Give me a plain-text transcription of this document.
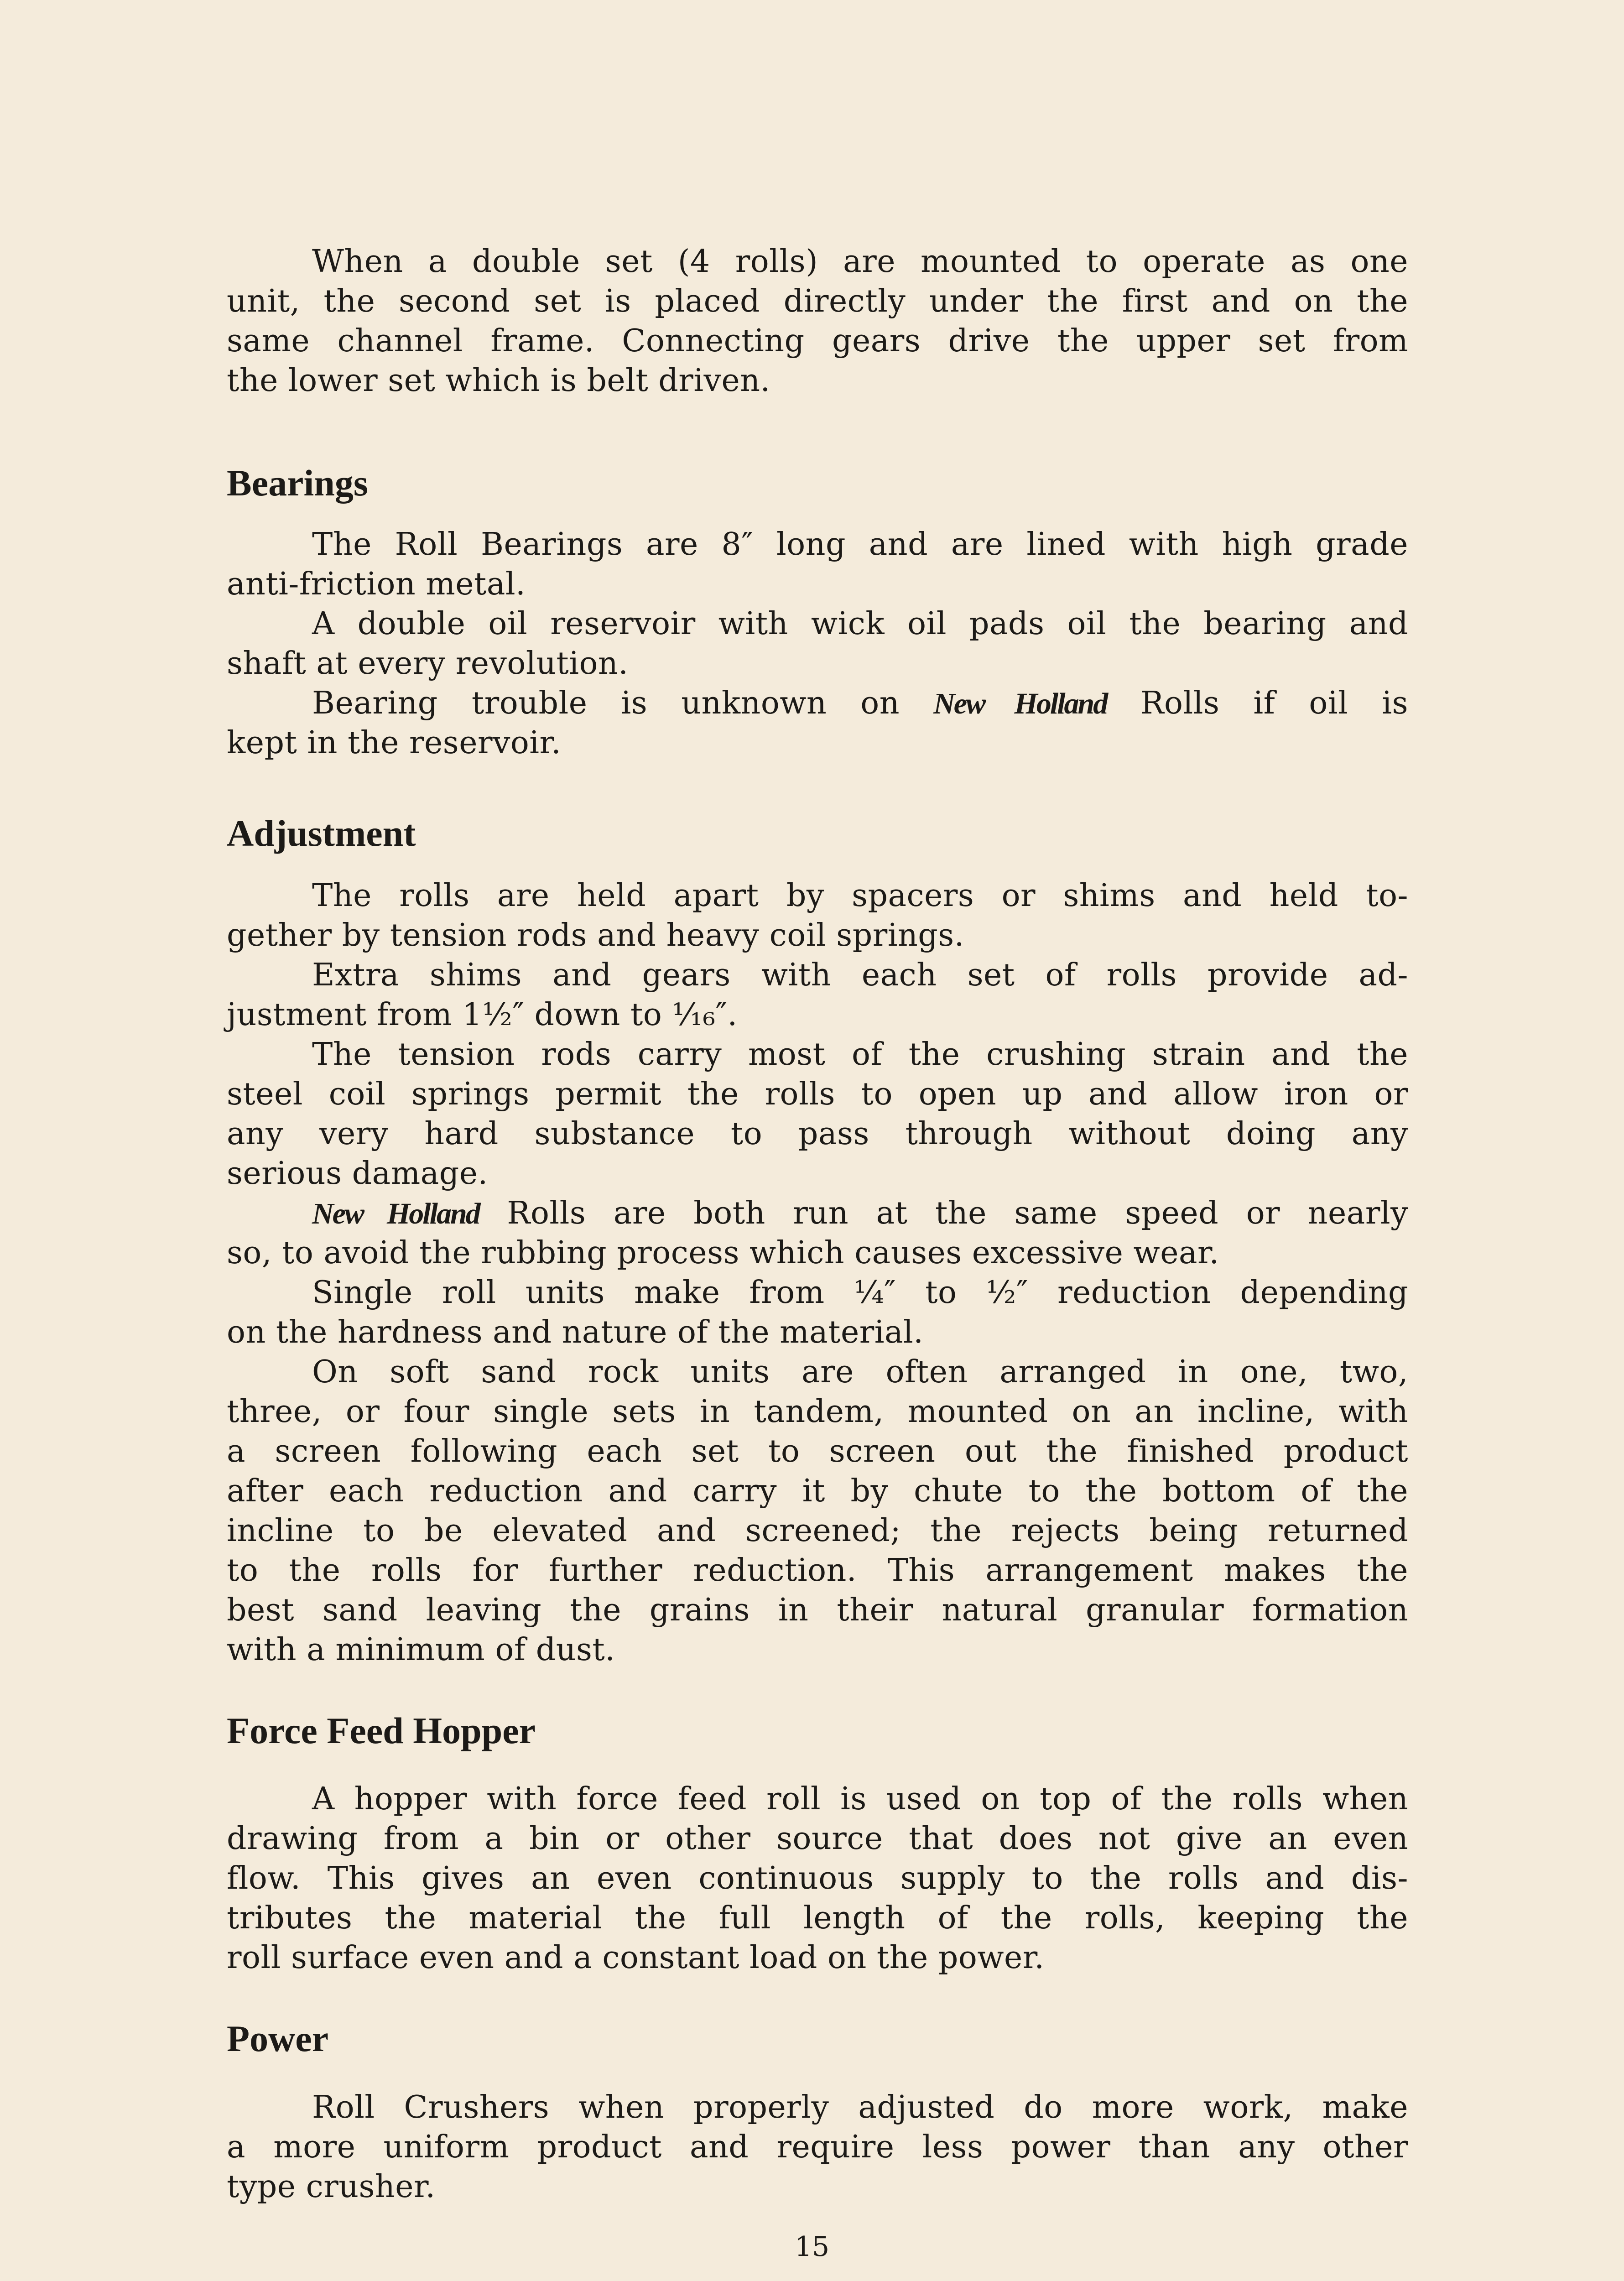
When a double set (4 rolls) are mounted to operate as one
unit, the second set is placed directly under the first and on the
same channel frame. Connecting gears drive the upper set from
the lower set which is belt driven.
Bearings
The Roll Bearings are 8″ long and are lined with high grade
anti-friction metal.
A double oil reservoir with wick oil pads oil the bearing and
shaft at every revolution.
Bearing trouble is unknown on New Holland Rolls if oil is
kept in the reservoir.
Adjustment
The rolls are held apart by spacers or shims and held to-
gether by tension rods and heavy coil springs.
Extra shims and gears with each set of rolls provide ad-
justment from 1½″ down to ¹⁄₁₆″.
The tension rods carry most of the crushing strain and the
steel coil springs permit the rolls to open up and allow iron or
any very hard substance to pass through without doing any
serious damage.
New Holland Rolls are both run at the same speed or nearly
so, to avoid the rubbing process which causes excessive wear.
Single roll units make from ¼″ to ½″ reduction depending
on the hardness and nature of the material.
On soft sand rock units are often arranged in one, two,
three, or four single sets in tandem, mounted on an incline, with
a screen following each set to screen out the finished product
after each reduction and carry it by chute to the bottom of the
incline to be elevated and screened; the rejects being returned
to the rolls for further reduction. This arrangement makes the
best sand leaving the grains in their natural granular formation
with a minimum of dust.
Force Feed Hopper
A hopper with force feed roll is used on top of the rolls when
drawing from a bin or other source that does not give an even
flow. This gives an even continuous supply to the rolls and dis-
tributes the material the full length of the rolls, keeping the
roll surface even and a constant load on the power.
Power
Roll Crushers when properly adjusted do more work, make
a more uniform product and require less power than any other
type crusher.
15
